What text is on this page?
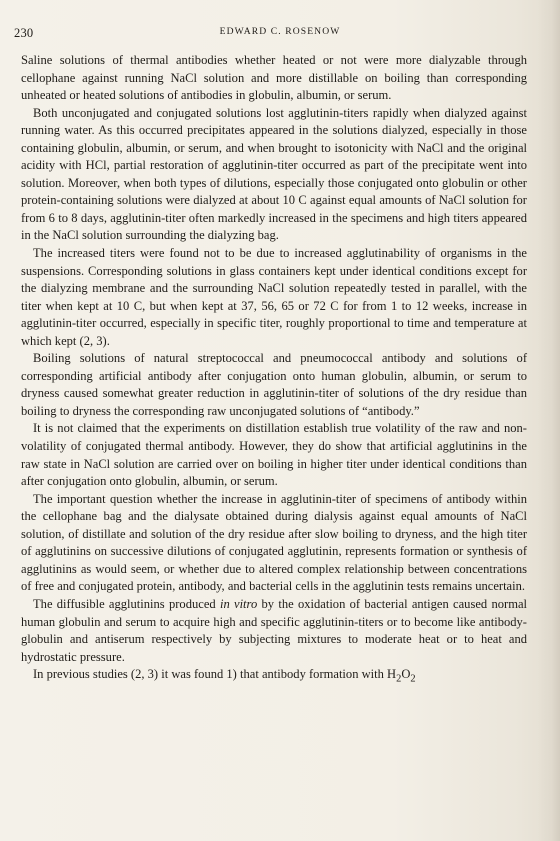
230	EDWARD C. ROSENOW

Saline solutions of thermal antibodies whether heated or not were more dialyzable through cellophane against running NaCl solution and more distillable on boiling than corresponding unheated or heated solutions of antibodies in globulin, albumin, or serum.

Both unconjugated and conjugated solutions lost agglutinin-titers rapidly when dialyzed against running water. As this occurred precipitates appeared in the solutions dialyzed, especially in those containing globulin, albumin, or serum, and when brought to isotonicity with NaCl and the original acidity with HCl, partial restoration of agglutinin-titer occurred as part of the precipitate went into solution. Moreover, when both types of dilutions, especially those conjugated onto globulin or other protein-containing solutions were dialyzed at about 10 C against equal amounts of NaCl solution for from 6 to 8 days, agglutinin-titer often markedly increased in the specimens and high titers appeared in the NaCl solution surrounding the dialyzing bag.

The increased titers were found not to be due to increased agglutinability of organisms in the suspensions. Corresponding solutions in glass containers kept under identical conditions except for the dialyzing membrane and the surrounding NaCl solution repeatedly tested in parallel, with the titer when kept at 10 C, but when kept at 37, 56, 65 or 72 C for from 1 to 12 weeks, increase in agglutinin-titer occurred, especially in specific titer, roughly proportional to time and temperature at which kept (2, 3).

Boiling solutions of natural streptococcal and pneumococcal antibody and solutions of corresponding artificial antibody after conjugation onto human globulin, albumin, or serum to dryness caused somewhat greater reduction in agglutinin-titer of solutions of the dry residue than boiling to dryness the corresponding raw unconjugated solutions of “antibody.”

It is not claimed that the experiments on distillation establish true volatility of the raw and non-volatility of conjugated thermal antibody. However, they do show that artificial agglutinins in the raw state in NaCl solution are carried over on boiling in higher titer under identical conditions than after conjugation onto globulin, albumin, or serum.

The important question whether the increase in agglutinin-titer of specimens of antibody within the cellophane bag and the dialysate obtained during dialysis against equal amounts of NaCl solution, of distillate and solution of the dry residue after slow boiling to dryness, and the high titer of agglutinins on successive dilutions of conjugated agglutinin, represents formation or synthesis of agglutinins as would seem, or whether due to altered complex relationship between concentrations of free and conjugated protein, antibody, and bacterial cells in the agglutinin tests remains uncertain.

The diffusible agglutinins produced in vitro by the oxidation of bacterial antigen caused normal human globulin and serum to acquire high and specific agglutinin-titers or to become like antibody-globulin and antiserum respectively by subjecting mixtures to moderate heat or to heat and hydrostatic pressure.

In previous studies (2, 3) it was found 1) that antibody formation with $H_2O_2$
